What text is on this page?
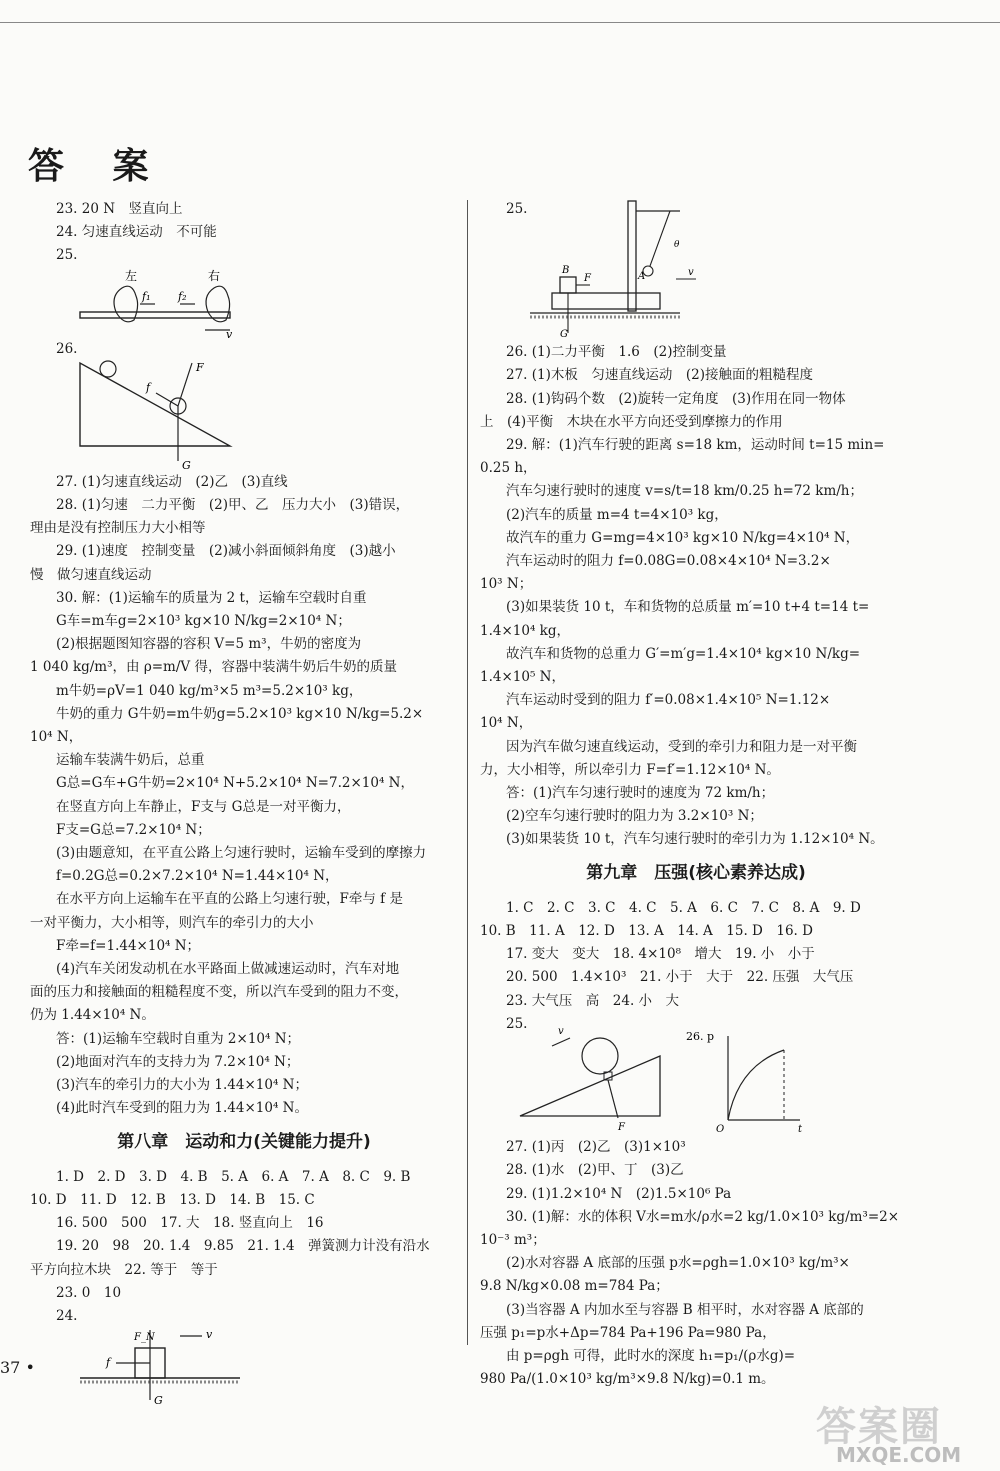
答 案
23. 20 N　竖直向上
24. 匀速直线运动　不可能
25.
左	右
f₁	f₂
v
26.
F
f
G
27. (1)匀速直线运动　(2)乙　(3)直线
28. (1)匀速　二力平衡　(2)甲、乙　压力大小　(3)错误，
理由是没有控制压力大小相等
29. (1)速度　控制变量　(2)减小斜面倾斜角度　(3)越小
慢　做匀速直线运动
30. 解：(1)运输车的质量为 2 t，运输车空载时自重
G车=m车g=2×10³ kg×10 N/kg=2×10⁴ N；
(2)根据题图知容器的容积 V=5 m³，牛奶的密度为
1 040 kg/m³，由 ρ=m/V 得，容器中装满牛奶后牛奶的质量
m牛奶=ρV=1 040 kg/m³×5 m³=5.2×10³ kg，
牛奶的重力 G牛奶=m牛奶g=5.2×10³ kg×10 N/kg=5.2×
10⁴ N，
运输车装满牛奶后，总重
G总=G车+G牛奶=2×10⁴ N+5.2×10⁴ N=7.2×10⁴ N，
在竖直方向上车静止，F支与 G总是一对平衡力，
F支=G总=7.2×10⁴ N；
(3)由题意知，在平直公路上匀速行驶时，运输车受到的摩擦力
f=0.2G总=0.2×7.2×10⁴ N=1.44×10⁴ N，
在水平方向上运输车在平直的公路上匀速行驶，F牵与 f 是
一对平衡力，大小相等，则汽车的牵引力的大小
F牵=f=1.44×10⁴ N；
(4)汽车关闭发动机在水平路面上做减速运动时，汽车对地
面的压力和接触面的粗糙程度不变，所以汽车受到的阻力不变，
仍为 1.44×10⁴ N。
答：(1)运输车空载时自重为 2×10⁴ N；
(2)地面对汽车的支持力为 7.2×10⁴ N；
(3)汽车的牵引力的大小为 1.44×10⁴ N；
(4)此时汽车受到的阻力为 1.44×10⁴ N。
第八章　运动和力(关键能力提升)
1. D　2. D　3. D　4. B　5. A　6. A　7. A　8. C　9. B
10. D　11. D　12. B　13. D　14. B　15. C
16. 500　500　17. 大　18. 竖直向上　16
19. 20　98　20. 1.4　9.85　21. 1.4　弹簧测力计没有沿水
平方向拉木块　22. 等于　等于
23. 0　10
24.
F_N	v
f
G
25.
A
θ
v
B
F
G
26. (1)二力平衡　1.6　(2)控制变量
27. (1)木板　匀速直线运动　(2)接触面的粗糙程度
28. (1)钩码个数　(2)旋转一定角度　(3)作用在同一物体
上　(4)平衡　木块在水平方向还受到摩擦力的作用
29. 解：(1)汽车行驶的距离 s=18 km，运动时间 t=15 min=
0.25 h，
汽车匀速行驶时的速度 v=s/t=18 km/0.25 h=72 km/h；
(2)汽车的质量 m=4 t=4×10³ kg，
故汽车的重力 G=mg=4×10³ kg×10 N/kg=4×10⁴ N，
汽车运动时的阻力 f=0.08G=0.08×4×10⁴ N=3.2×
10³ N；
(3)如果装货 10 t，车和货物的总质量 m′=10 t+4 t=14 t=
1.4×10⁴ kg，
故汽车和货物的总重力 G′=m′g=1.4×10⁴ kg×10 N/kg=
1.4×10⁵ N，
汽车运动时受到的阻力 f′=0.08×1.4×10⁵ N=1.12×
10⁴ N，
因为汽车做匀速直线运动，受到的牵引力和阻力是一对平衡
力，大小相等，所以牵引力 F=f′=1.12×10⁴ N。
答：(1)汽车匀速行驶时的速度为 72 km/h；
(2)空车匀速行驶时的阻力为 3.2×10³ N；
(3)如果装货 10 t，汽车匀速行驶时的牵引力为 1.12×10⁴ N。
第九章　压强(核心素养达成)
1. C　2. C　3. C　4. C　5. A　6. C　7. C　8. A　9. D
10. B　11. A　12. D　13. A　14. A　15. D　16. D
17. 变大　变大　18. 4×10⁸　增大　19. 小　小于
20. 500　1.4×10³　21. 小于　大于　22. 压强　大气压
23. 大气压　高　24. 小　大
25.
F
v	26. p
O	t
27. (1)丙　(2)乙　(3)1×10³
28. (1)水　(2)甲、丁　(3)乙
29. (1)1.2×10⁴ N　(2)1.5×10⁶ Pa
30. (1)解：水的体积 V水=m水/ρ水=2 kg/1.0×10³ kg/m³=2×
10⁻³ m³；
(2)水对容器 A 底部的压强 p水=ρgh=1.0×10³ kg/m³×
9.8 N/kg×0.08 m=784 Pa；
(3)当容器 A 内加水至与容器 B 相平时，水对容器 A 底部的
压强 p₁=p水+Δp=784 Pa+196 Pa=980 Pa，
由 p=ρgh 可得，此时水的深度 h₁=p₁/(ρ水g)=
980 Pa/(1.0×10³ kg/m³×9.8 N/kg)=0.1 m。
37 •
答案圈
MXQE.COM
